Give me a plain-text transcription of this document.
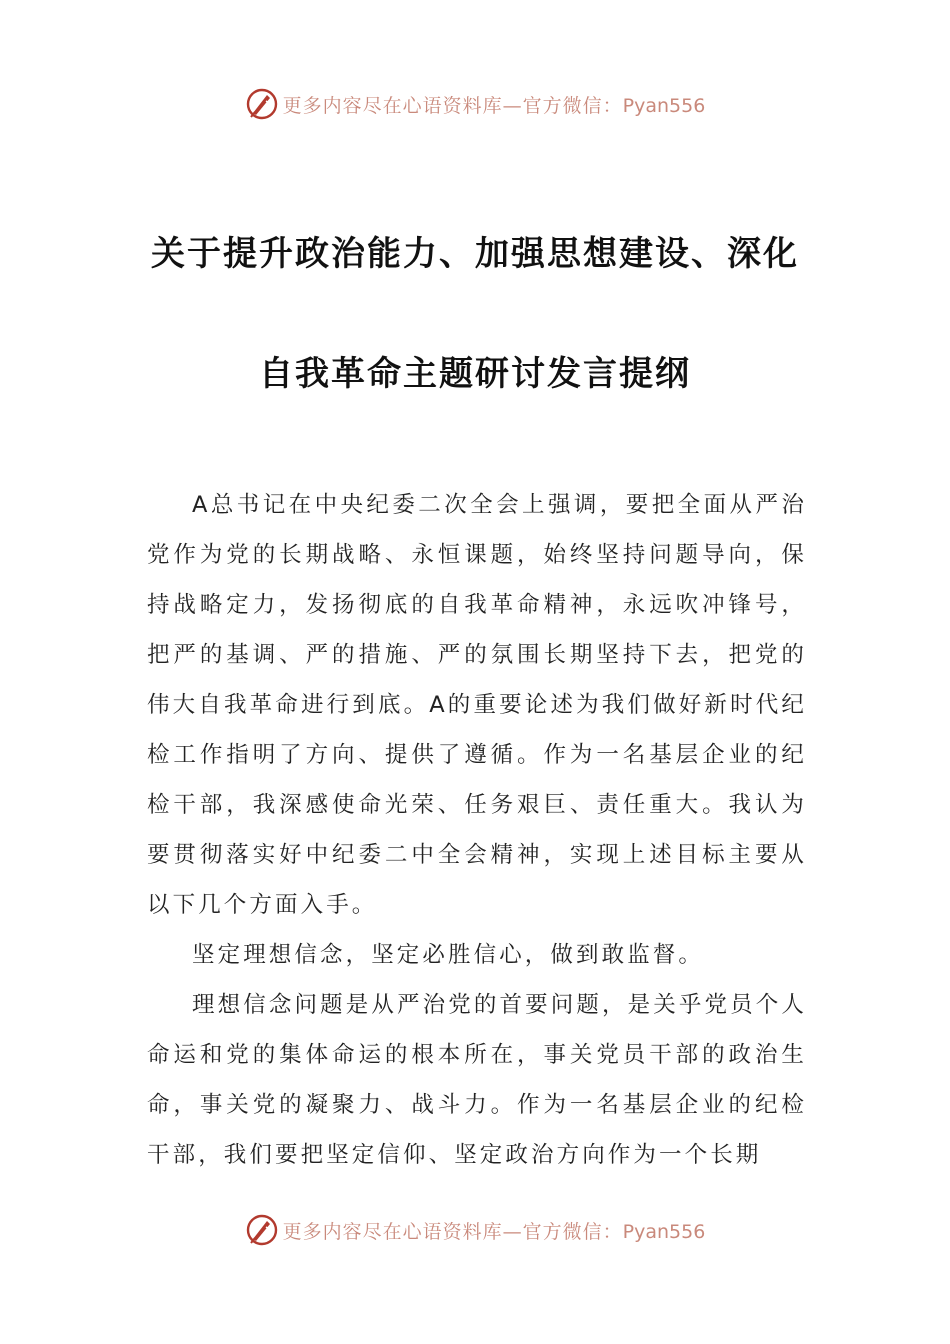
更多内容尽在心语资料库—官方微信：Pyan556
关于提升政治能力、加强思想建设、深化
自我革命主题研讨发言提纲

A总书记在中央纪委二次全会上强调，要把全面从严治党作为党的长期战略、永恒课题，始终坚持问题导向，保持战略定力，发扬彻底的自我革命精神，永远吹冲锋号，把严的基调、严的措施、严的氛围长期坚持下去，把党的伟大自我革命进行到底。A的重要论述为我们做好新时代纪检工作指明了方向、提供了遵循。作为一名基层企业的纪检干部，我深感使命光荣、任务艰巨、责任重大。我认为要贯彻落实好中纪委二中全会精神，实现上述目标主要从以下几个方面入手。

坚定理想信念，坚定必胜信心，做到敢监督。

理想信念问题是从严治党的首要问题，是关乎党员个人命运和党的集体命运的根本所在，事关党员干部的政治生命，事关党的凝聚力、战斗力。作为一名基层企业的纪检干部，我们要把坚定信仰、坚定政治方向作为一个长期

更多内容尽在心语资料库—官方微信：Pyan556
